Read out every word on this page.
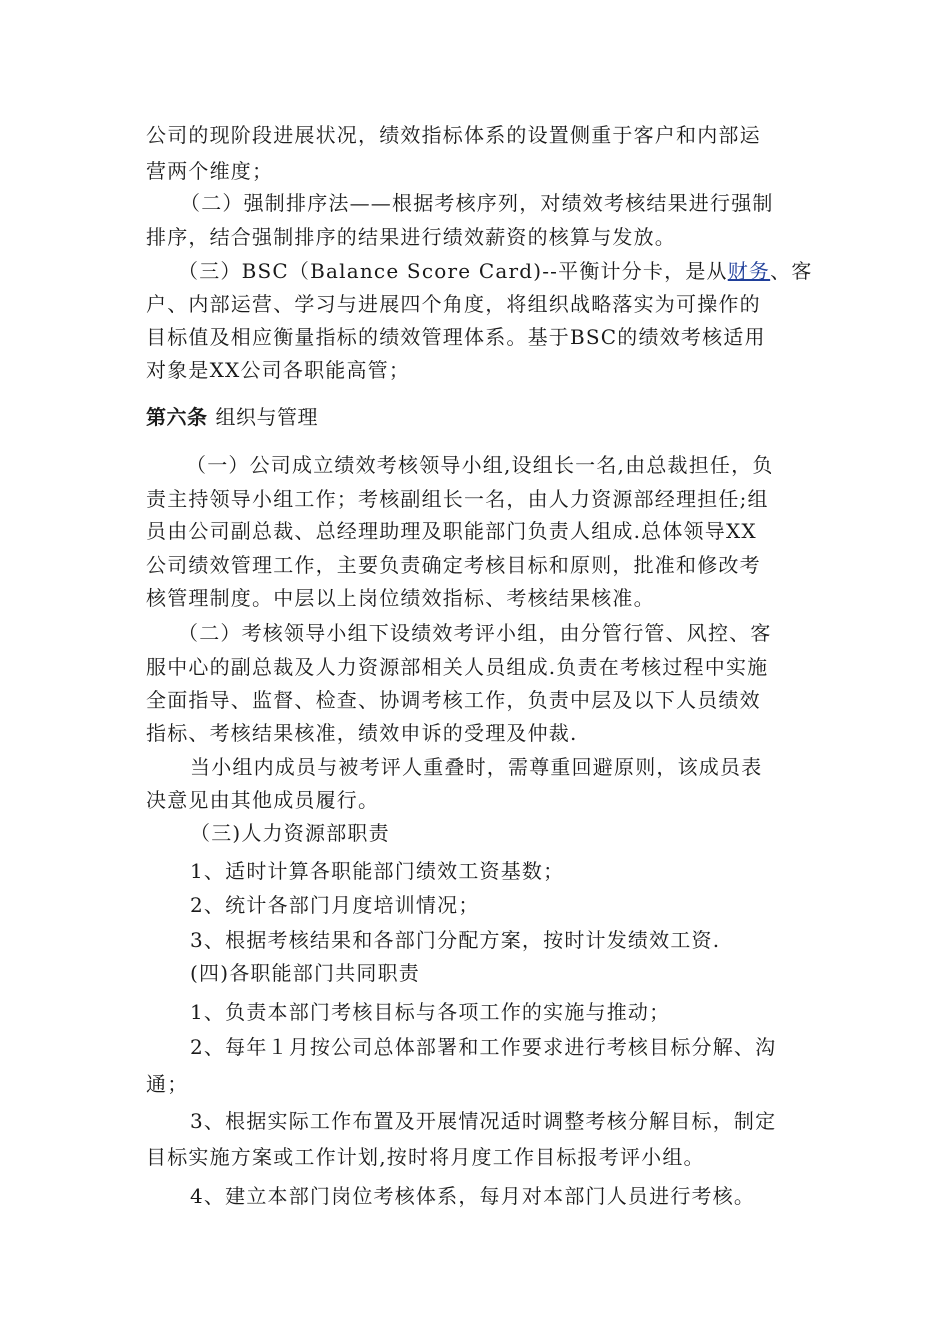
公司的现阶段进展状况，绩效指标体系的设置侧重于客户和内部运
营两个维度；
（二）强制排序法——根据考核序列，对绩效考核结果进行强制
排序，结合强制排序的结果进行绩效薪资的核算与发放。
（三）BSC（Balance Score Card)--平衡计分卡，是从财务、客
户、内部运营、学习与进展四个角度，将组织战略落实为可操作的
目标值及相应衡量指标的绩效管理体系。基于BSC的绩效考核适用
对象是XX公司各职能高管；
第六条 组织与管理
（一）公司成立绩效考核领导小组,设组长一名,由总裁担任，负
责主持领导小组工作；考核副组长一名，由人力资源部经理担任;组
员由公司副总裁、总经理助理及职能部门负责人组成.总体领导XX
公司绩效管理工作，主要负责确定考核目标和原则，批准和修改考
核管理制度。中层以上岗位绩效指标、考核结果核准。
（二）考核领导小组下设绩效考评小组，由分管行管、风控、客
服中心的副总裁及人力资源部相关人员组成.负责在考核过程中实施
全面指导、监督、检查、协调考核工作，负责中层及以下人员绩效
指标、考核结果核准，绩效申诉的受理及仲裁.
当小组内成员与被考评人重叠时，需尊重回避原则，该成员表
决意见由其他成员履行。
（三)人力资源部职责
1、适时计算各职能部门绩效工资基数；
2、统计各部门月度培训情况；
3、根据考核结果和各部门分配方案，按时计发绩效工资.
(四)各职能部门共同职责
1、负责本部门考核目标与各项工作的实施与推动；
2、每年１月按公司总体部署和工作要求进行考核目标分解、沟
通；
3、根据实际工作布置及开展情况适时调整考核分解目标，制定
目标实施方案或工作计划,按时将月度工作目标报考评小组。
4、建立本部门岗位考核体系，每月对本部门人员进行考核。
